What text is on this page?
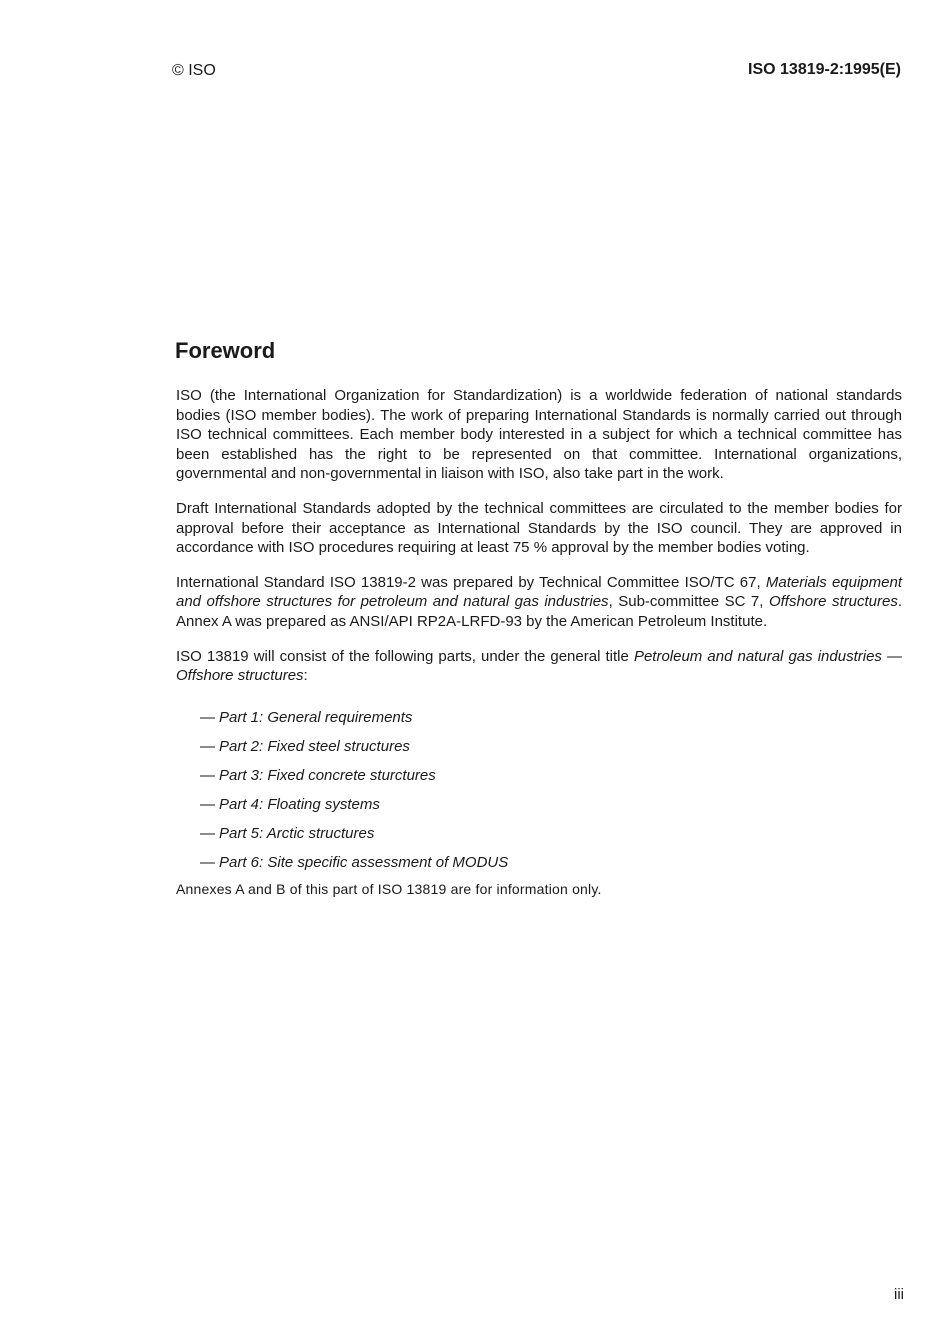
© ISO	ISO 13819-2:1995(E)
Foreword

ISO (the International Organization for Standardization) is a worldwide federation of national standards bodies (ISO member bodies). The work of preparing International Standards is normally carried out through ISO technical committees. Each member body interested in a subject for which a technical committee has been established has the right to be represented on that committee. International organizations, governmental and non-governmental in liaison with ISO, also take part in the work.

Draft International Standards adopted by the technical committees are circulated to the member bodies for approval before their acceptance as International Standards by the ISO council. They are approved in accordance with ISO procedures requiring at least 75 % approval by the member bodies voting.

International Standard ISO 13819-2 was prepared by Technical Committee ISO/TC 67, Materials equipment and offshore structures for petroleum and natural gas industries, Sub-committee SC 7, Offshore structures. Annex A was prepared as ANSI/API RP2A-LRFD-93 by the American Petroleum Institute.

ISO 13819 will consist of the following parts, under the general title Petroleum and natural gas industries — Offshore structures:

— Part 1: General requirements
— Part 2: Fixed steel structures
— Part 3: Fixed concrete sturctures
— Part 4: Floating systems
— Part 5: Arctic structures
— Part 6: Site specific assessment of MODUS
Annexes A and B of this part of ISO 13819 are for information only.
iii
